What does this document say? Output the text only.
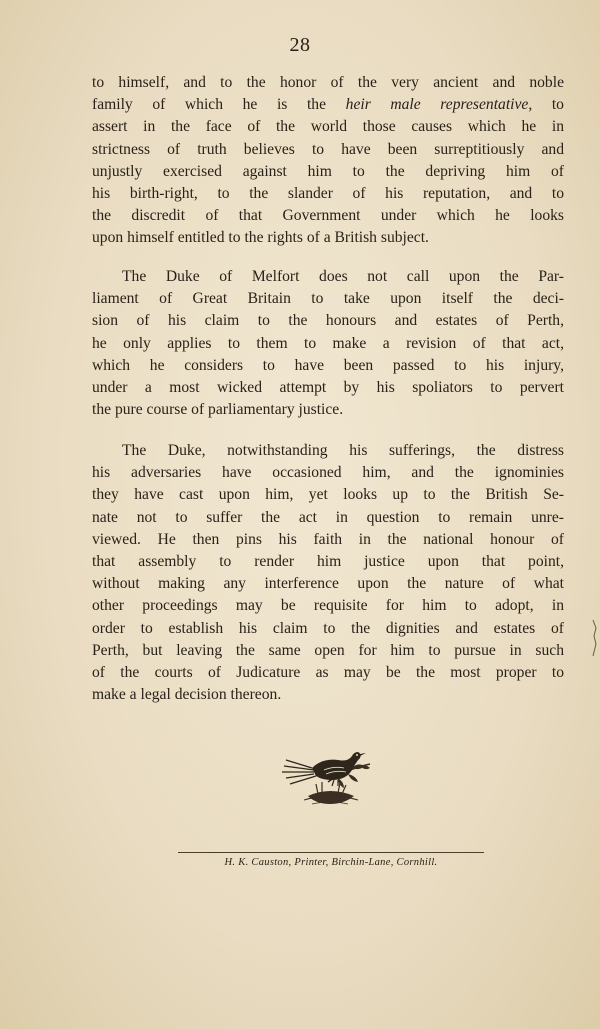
28
to himself, and to the honor of the very ancient and noble
family of which he is the heir male representative, to
assert in the face of the world those causes which he in
strictness of truth believes to have been surreptitiously and
unjustly exercised against him to the depriving him of
his birth-right, to the slander of his reputation, and to
the discredit of that Government under which he looks
upon himself entitled to the rights of a British subject.
The Duke of Melfort does not call upon the Par-
liament of Great Britain to take upon itself the deci-
sion of his claim to the honours and estates of Perth,
he only applies to them to make a revision of that act,
which he considers to have been passed to his injury,
under a most wicked attempt by his spoliators to pervert
the pure course of parliamentary justice.
The Duke, notwithstanding his sufferings, the distress
his adversaries have occasioned him, and the ignominies
they have cast upon him, yet looks up to the British Se-
nate not to suffer the act in question to remain unre-
viewed. He then pins his faith in the national honour of
that assembly to render him justice upon that point,
without making any interference upon the nature of what
other proceedings may be requisite for him to adopt, in
order to establish his claim to the dignities and estates of
Perth, but leaving the same open for him to pursue in such
of the courts of Judicature as may be the most proper to
make a legal decision thereon.
H. K. Causton, Printer, Birchin-Lane, Cornhill.
